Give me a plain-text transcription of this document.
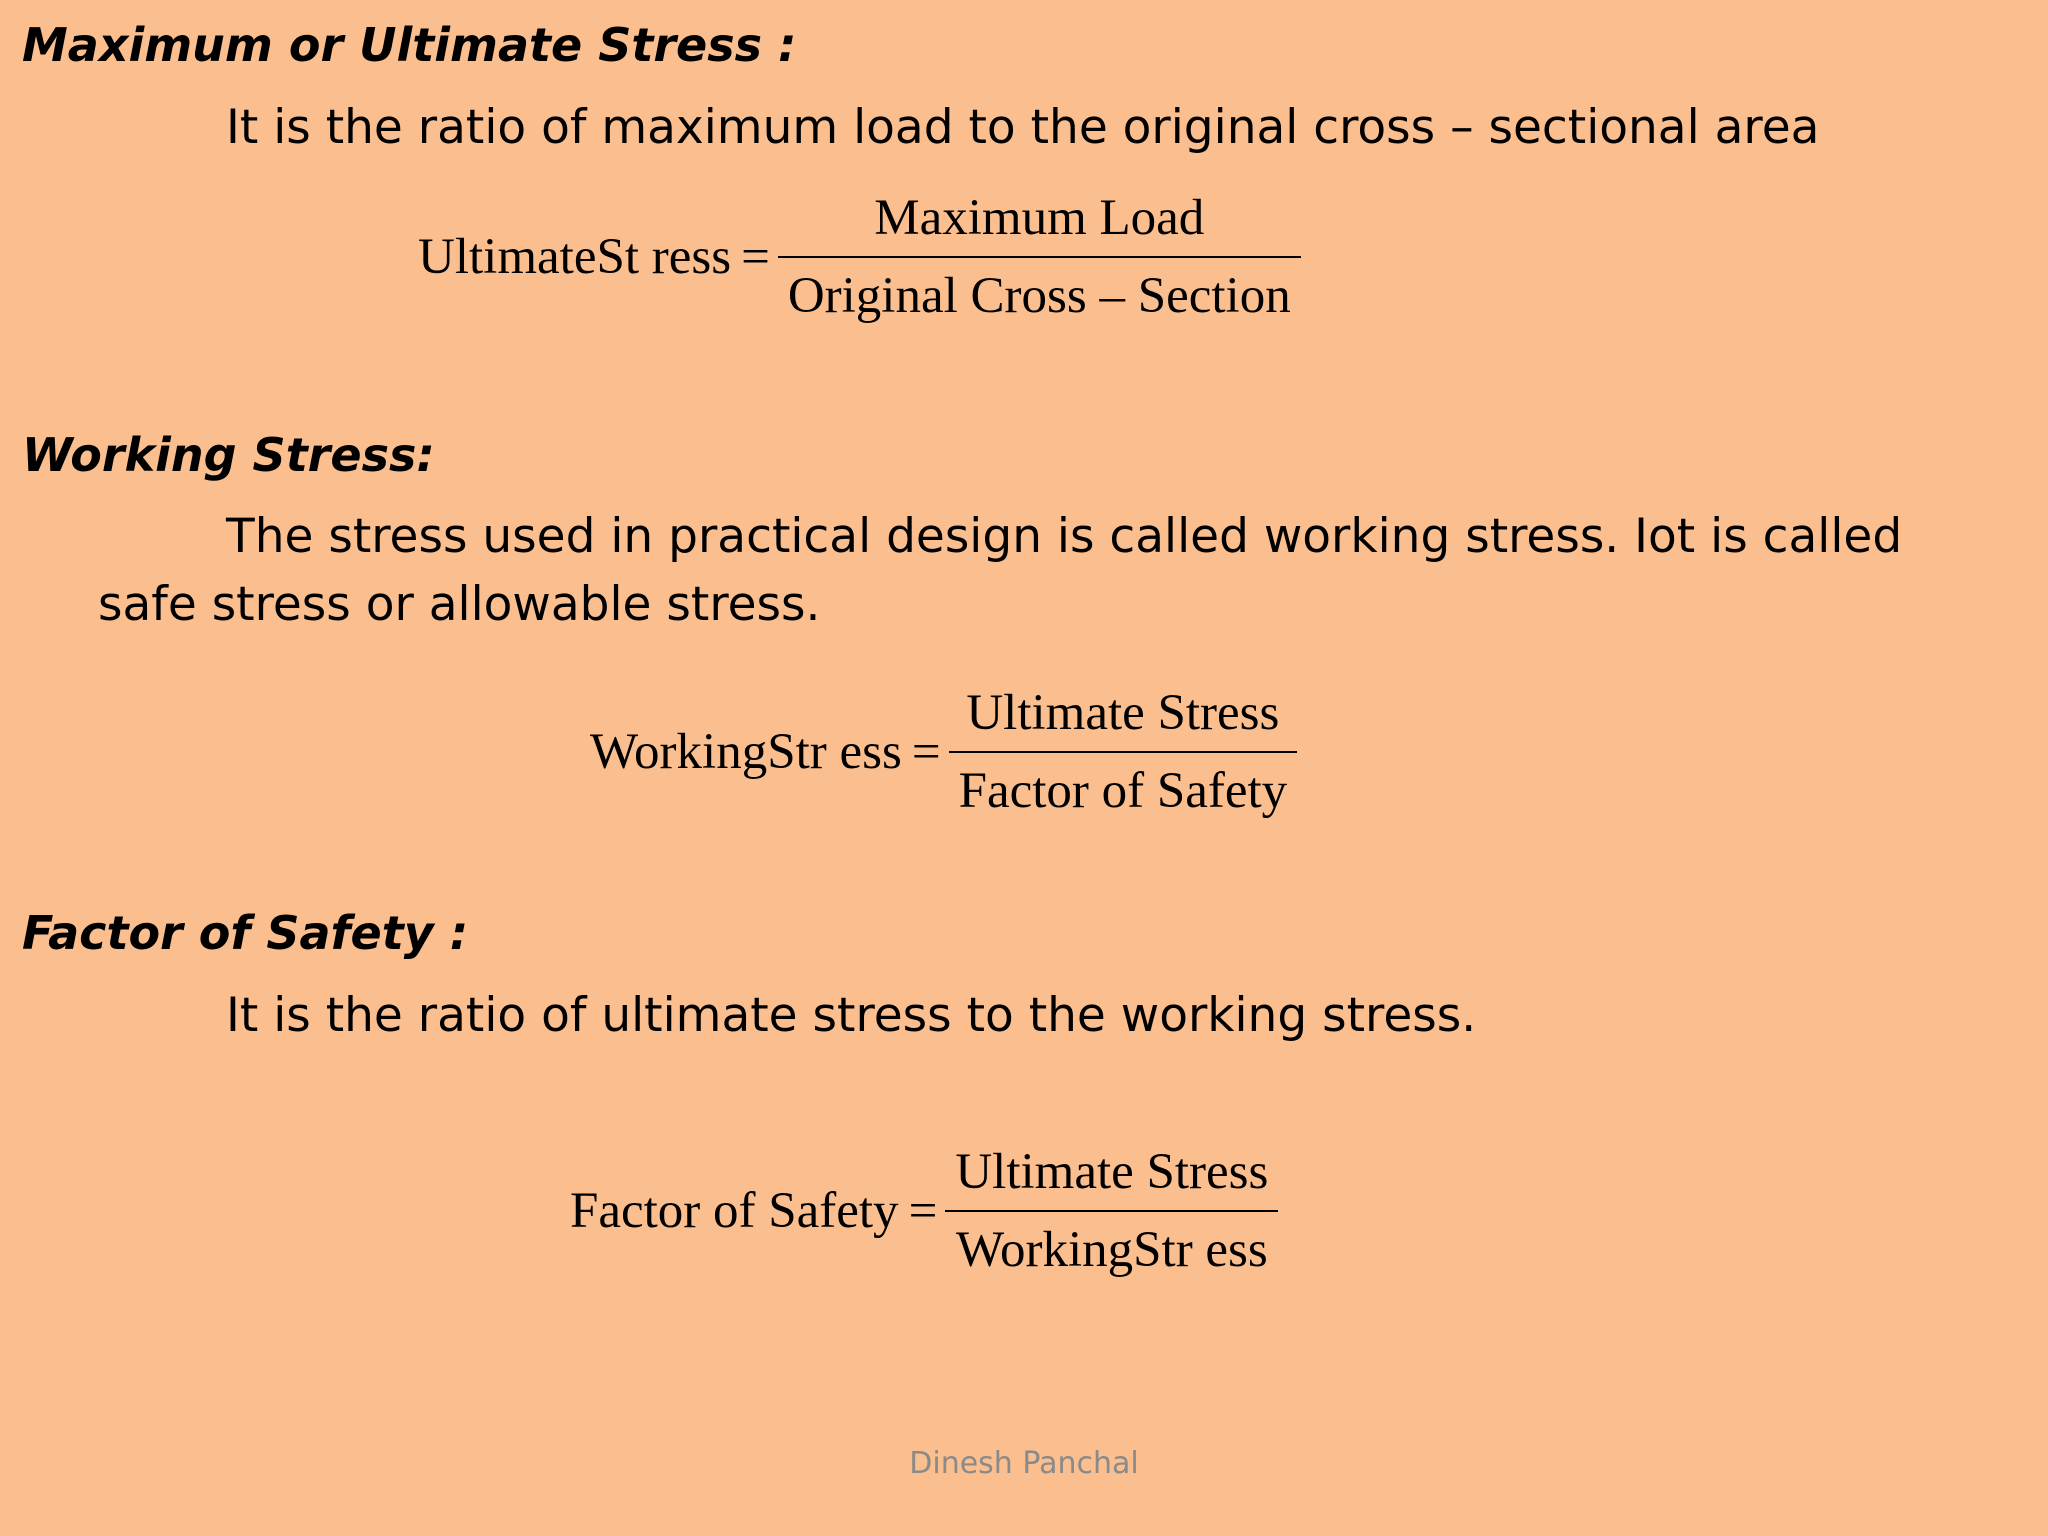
Maximum or Ultimate Stress :

It is the ratio of maximum load to the original cross – sectional area

UltimateSt ress = $\frac{\text{Maximum Load}}{\text{Original Cross – Section}}$
Working Stress:

The stress used in practical design is called working stress. Iot is called safe stress or allowable stress.

WorkingStr ess = $\frac{\text{Ultimate Stress}}{\text{Factor of Safety}}$
Factor of Safety :

It is the ratio of ultimate stress to the working stress.

Factor of Safety = $\frac{\text{Ultimate Stress}}{\text{WorkingStr ess}}$
Dinesh Panchal
